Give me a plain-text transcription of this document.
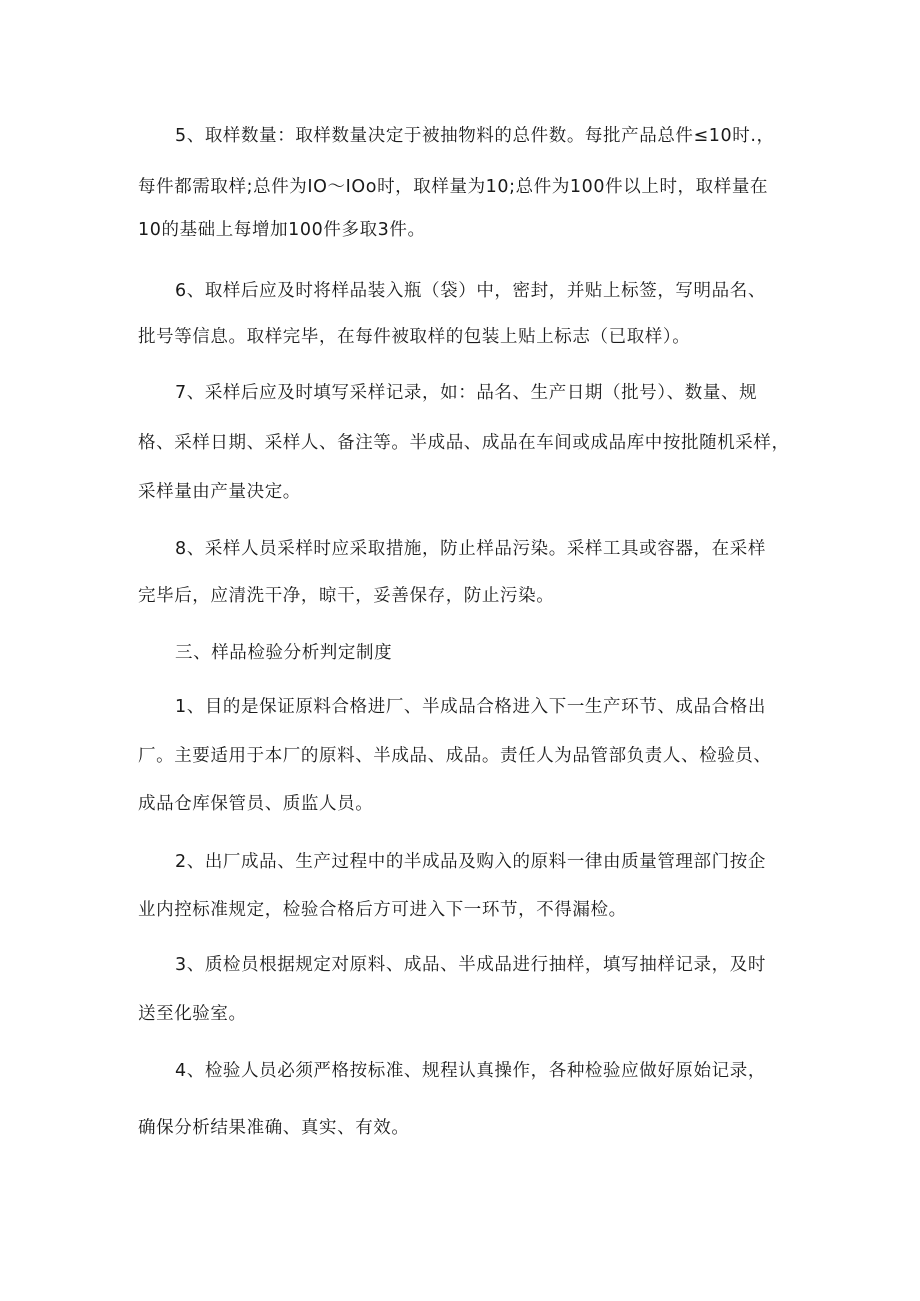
5、取样数量：取样数量决定于被抽物料的总件数。每批产品总件≤10时.，

每件都需取样;总件为IO～IOo时，取样量为10;总件为100件以上时，取样量在

10的基础上每增加100件多取3件。

6、取样后应及时将样品装入瓶（袋）中，密封，并贴上标签，写明品名、

批号等信息。取样完毕，在每件被取样的包装上贴上标志（已取样）。

7、采样后应及时填写采样记录，如：品名、生产日期（批号）、数量、规

格、采样日期、采样人、备注等。半成品、成品在车间或成品库中按批随机采样，

采样量由产量决定。

8、采样人员采样时应采取措施，防止样品污染。采样工具或容器，在采样

完毕后，应清洗干净，晾干，妥善保存，防止污染。

三、样品检验分析判定制度

1、目的是保证原料合格进厂、半成品合格进入下一生产环节、成品合格出

厂。主要适用于本厂的原料、半成品、成品。责任人为品管部负责人、检验员、

成品仓库保管员、质监人员。

2、出厂成品、生产过程中的半成品及购入的原料一律由质量管理部门按企

业内控标准规定，检验合格后方可进入下一环节，不得漏检。

3、质检员根据规定对原料、成品、半成品进行抽样，填写抽样记录，及时

送至化验室。

4、检验人员必须严格按标准、规程认真操作，各种检验应做好原始记录，

确保分析结果准确、真实、有效。
